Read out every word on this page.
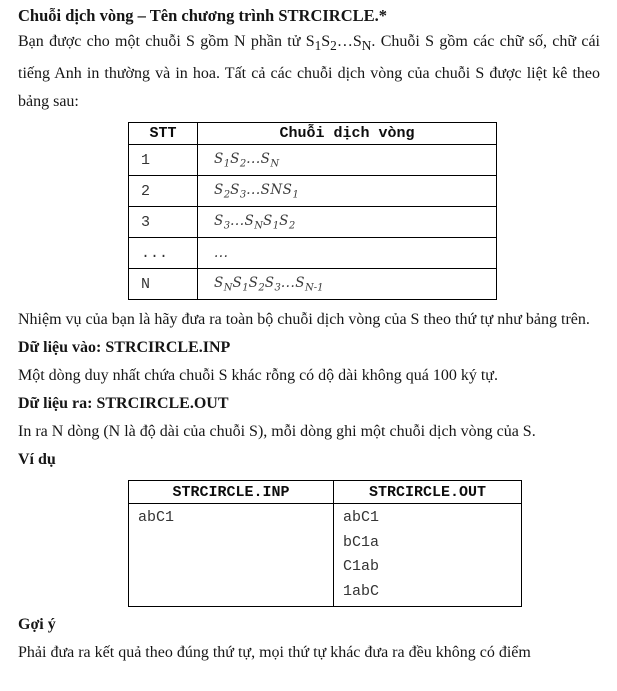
Chuỗi dịch vòng – Tên chương trình STRCIRCLE.*

Bạn được cho một chuỗi S gồm N phần tử $S_1S_2\dots S_N$. Chuỗi S gồm các chữ số, chữ cái tiếng Anh in thường và in hoa. Tất cả các chuỗi dịch vòng của chuỗi S được liệt kê theo bảng sau:

STT	Chuỗi dịch vòng
1	$S_1S_2...S_N$
2	$S_2S_3...SNS_1$
3	$S_3...S_NS_1S_2$
...	...
N	$S_NS_1S_2S_3...S_{N-1}$

Nhiệm vụ của bạn là hãy đưa ra toàn bộ chuỗi dịch vòng của S theo thứ tự như bảng trên.

Dữ liệu vào: STRCIRCLE.INP

Một dòng duy nhất chứa chuỗi S khác rỗng có dộ dài không quá 100 ký tự.

Dữ liệu ra: STRCIRCLE.OUT

In ra N dòng (N là độ dài của chuỗi S), mỗi dòng ghi một chuỗi dịch vòng của S.

Ví dụ

STRCIRCLE.INP	STRCIRCLE.OUT

abC1	abC1
bC1a
C1ab
1abC

Gợi ý

Phải đưa ra kết quả theo đúng thứ tự, mọi thứ tự khác đưa ra đều không có điểm
